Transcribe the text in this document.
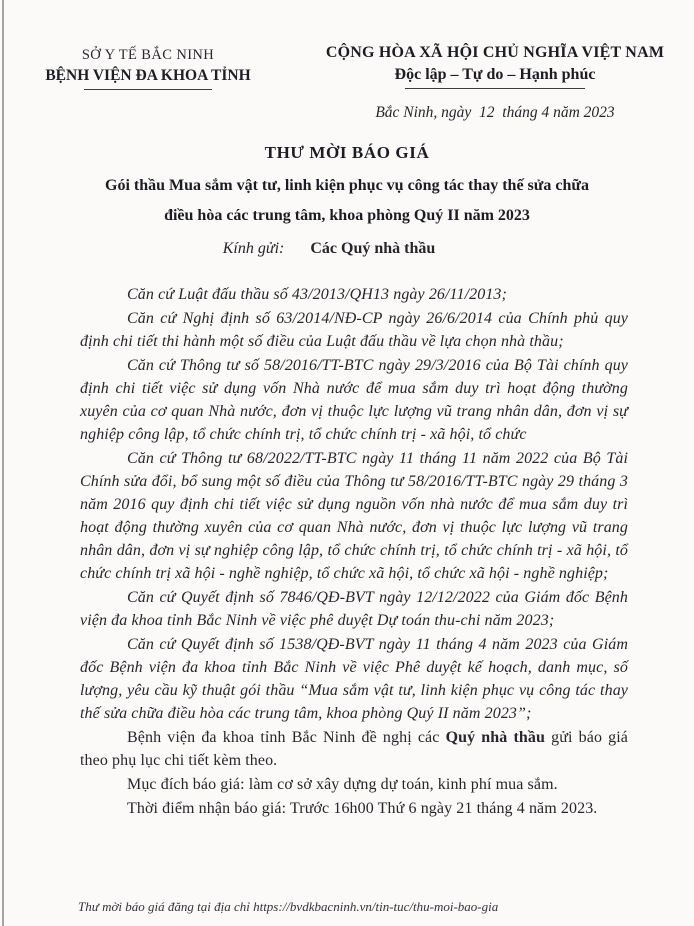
SỞ Y TẾ BẮC NINH
BỆNH VIỆN ĐA KHOA TỈNH
CỘNG HÒA XÃ HỘI CHỦ NGHĨA VIỆT NAM
Độc lập – Tự do – Hạnh phúc
Bắc Ninh, ngày  12  tháng 4 năm 2023
THƯ MỜI BÁO GIÁ
Gói thầu Mua sắm vật tư, linh kiện phục vụ công tác thay thế sửa chữa
điều hòa các trung tâm, khoa phòng Quý II năm 2023
Kính gửi: Các Quý nhà thầu

Căn cứ Luật đấu thầu số 43/2013/QH13 ngày 26/11/2013;

Căn cứ Nghị định số 63/2014/NĐ-CP ngày 26/6/2014 của Chính phủ quy định chi tiết thi hành một số điều của Luật đấu thầu về lựa chọn nhà thầu;

Căn cứ Thông tư số 58/2016/TT-BTC ngày 29/3/2016 của Bộ Tài chính quy định chi tiết việc sử dụng vốn Nhà nước để mua sắm duy trì hoạt động thường xuyên của cơ quan Nhà nước, đơn vị thuộc lực lượng vũ trang nhân dân, đơn vị sự nghiệp công lập, tổ chức chính trị, tổ chức chính trị - xã hội, tổ chức

Căn cứ Thông tư 68/2022/TT-BTC ngày 11 tháng 11 năm 2022 của Bộ Tài Chính sửa đổi, bổ sung một số điều của Thông tư 58/2016/TT-BTC ngày 29 tháng 3 năm 2016 quy định chi tiết việc sử dụng nguồn vốn nhà nước để mua sắm duy trì hoạt động thường xuyên của cơ quan Nhà nước, đơn vị thuộc lực lượng vũ trang nhân dân, đơn vị sự nghiệp công lập, tổ chức chính trị, tổ chức chính trị - xã hội, tổ chức chính trị xã hội - nghề nghiệp, tổ chức xã hội, tổ chức xã hội - nghề nghiệp;

Căn cứ Quyết định số 7846/QĐ-BVT ngày 12/12/2022 của Giám đốc Bệnh viện đa khoa tỉnh Bắc Ninh về việc phê duyệt Dự toán thu-chi năm 2023;

Căn cứ Quyết định số 1538/QĐ-BVT ngày 11 tháng 4 năm 2023 của Giám đốc Bệnh viện đa khoa tỉnh Bắc Ninh về việc Phê duyệt kế hoạch, danh mục, số lượng, yêu cầu kỹ thuật gói thầu “Mua sắm vật tư, linh kiện phục vụ công tác thay thế sửa chữa điều hòa các trung tâm, khoa phòng Quý II năm 2023”;

Bệnh viện đa khoa tỉnh Bắc Ninh đề nghị các Quý nhà thầu gửi báo giá theo phụ lục chi tiết kèm theo.

Mục đích báo giá: làm cơ sở xây dựng dự toán, kinh phí mua sắm.

Thời điểm nhận báo giá: Trước 16h00 Thứ 6 ngày 21 tháng 4 năm 2023.

Thư mời báo giá đăng tại địa chỉ https://bvdkbacninh.vn/tin-tuc/thu-moi-bao-gia
